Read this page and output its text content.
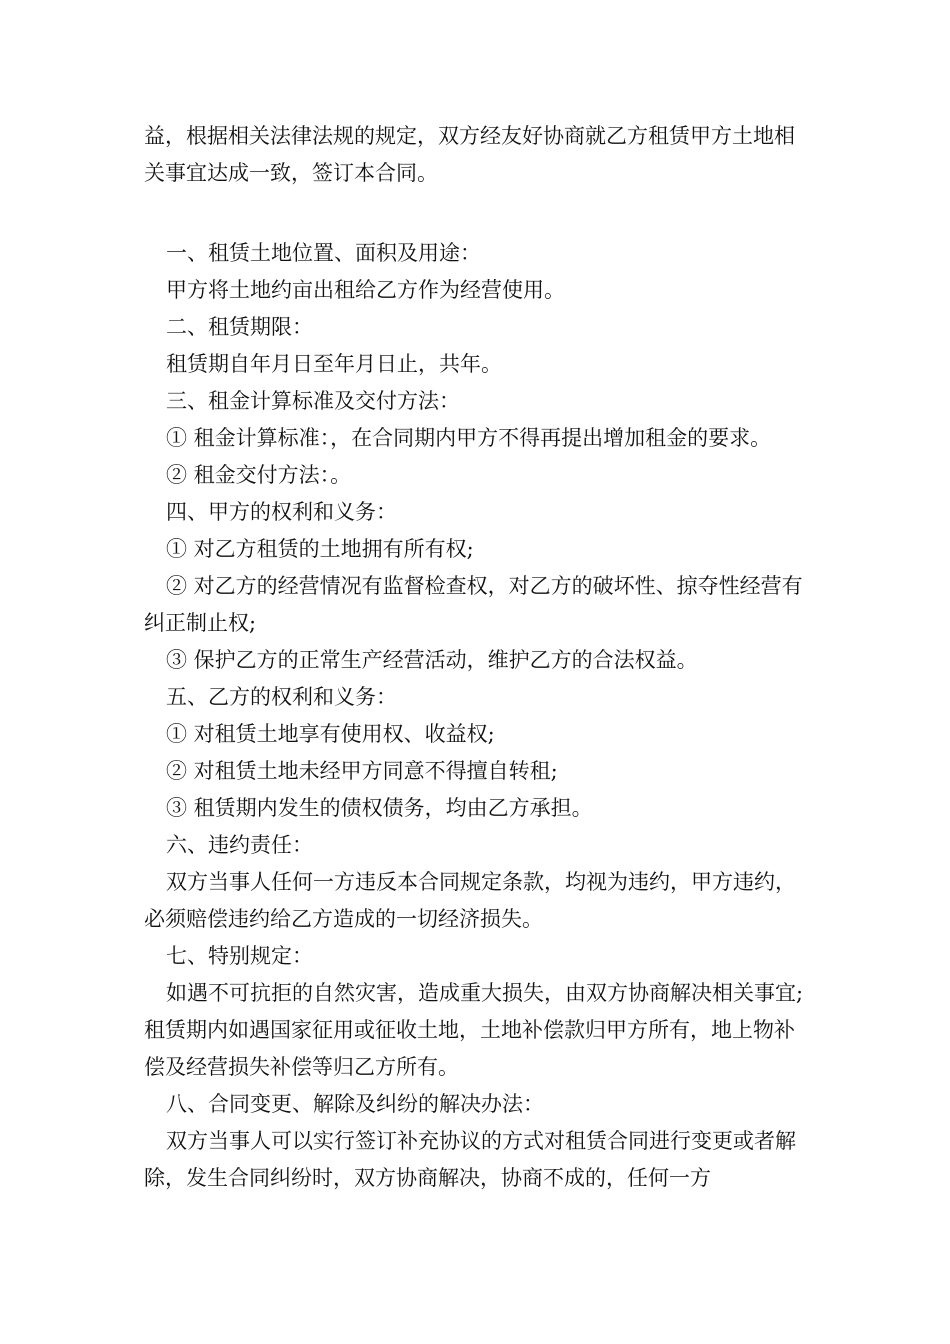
益，根据相关法律法规的规定，双方经友好协商就乙方租赁甲方土地相关事宜达成一致，签订本合同。

一、租赁土地位置、面积及用途：

甲方将土地约亩出租给乙方作为经营使用。

二、租赁期限：

租赁期自年月日至年月日止，共年。

三、租金计算标准及交付方法：

① 租金计算标准：，在合同期内甲方不得再提出增加租金的要求。

② 租金交付方法：。

四、甲方的权利和义务：

① 对乙方租赁的土地拥有所有权;

② 对乙方的经营情况有监督检查权，对乙方的破坏性、掠夺性经营有纠正制止权;

③ 保护乙方的正常生产经营活动，维护乙方的合法权益。

五、乙方的权利和义务：

① 对租赁土地享有使用权、收益权;

② 对租赁土地未经甲方同意不得擅自转租;

③ 租赁期内发生的债权债务，均由乙方承担。

六、违约责任：

双方当事人任何一方违反本合同规定条款，均视为违约，甲方违约，必须赔偿违约给乙方造成的一切经济损失。

七、特别规定：

如遇不可抗拒的自然灾害，造成重大损失，由双方协商解决相关事宜;租赁期内如遇国家征用或征收土地，土地补偿款归甲方所有，地上物补偿及经营损失补偿等归乙方所有。

八、合同变更、解除及纠纷的解决办法：

双方当事人可以实行签订补充协议的方式对租赁合同进行变更或者解除，发生合同纠纷时，双方协商解决，协商不成的，任何一方
